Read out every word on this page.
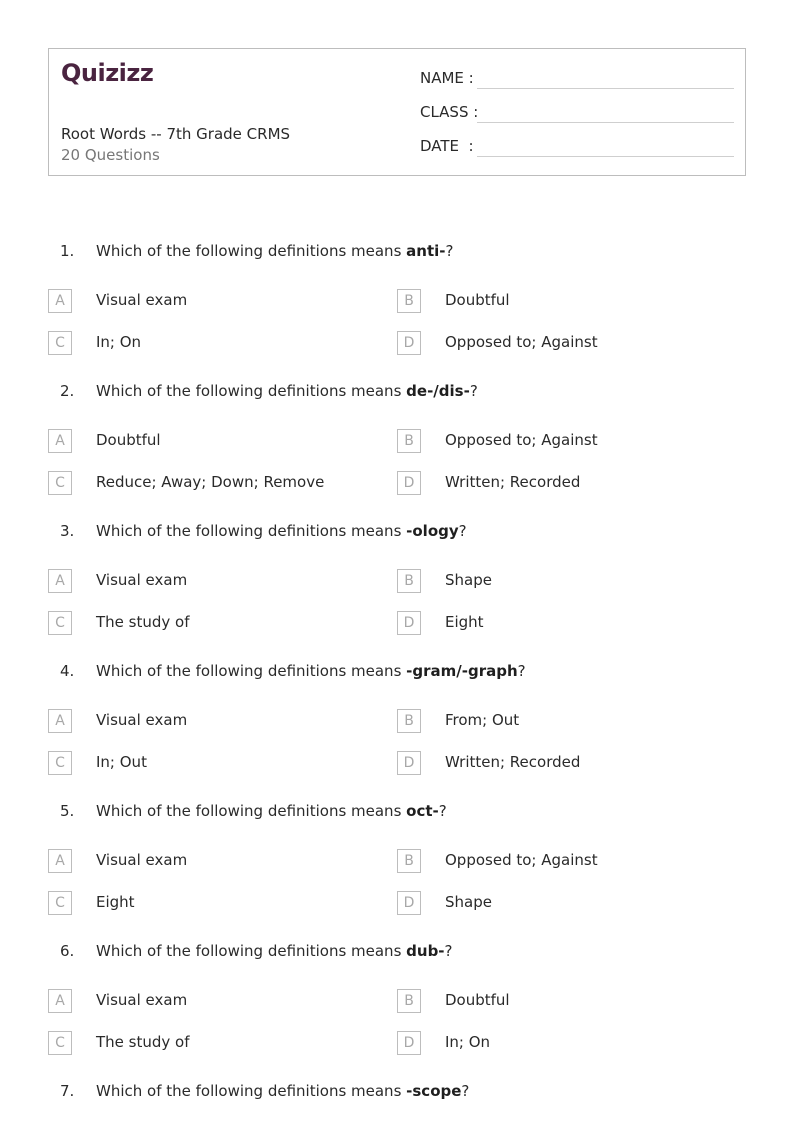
Quizizz
Root Words -- 7th Grade CRMS
20 Questions
NAME :
CLASS :
DATE  :
1. Which of the following definitions means anti-?
A	Visual exam	B	Doubtful
C	In; On	D	Opposed to; Against
2. Which of the following definitions means de-/dis-?
A	Doubtful	B	Opposed to; Against
C	Reduce; Away; Down; Remove	D	Written; Recorded
3. Which of the following definitions means -ology?
A	Visual exam	B	Shape
C	The study of	D	Eight
4. Which of the following definitions means -gram/-graph?
A	Visual exam	B	From; Out
C	In; Out	D	Written; Recorded
5. Which of the following definitions means oct-?
A	Visual exam	B	Opposed to; Against
C	Eight	D	Shape
6. Which of the following definitions means dub-?
A	Visual exam	B	Doubtful
C	The study of	D	In; On
7. Which of the following definitions means -scope?
